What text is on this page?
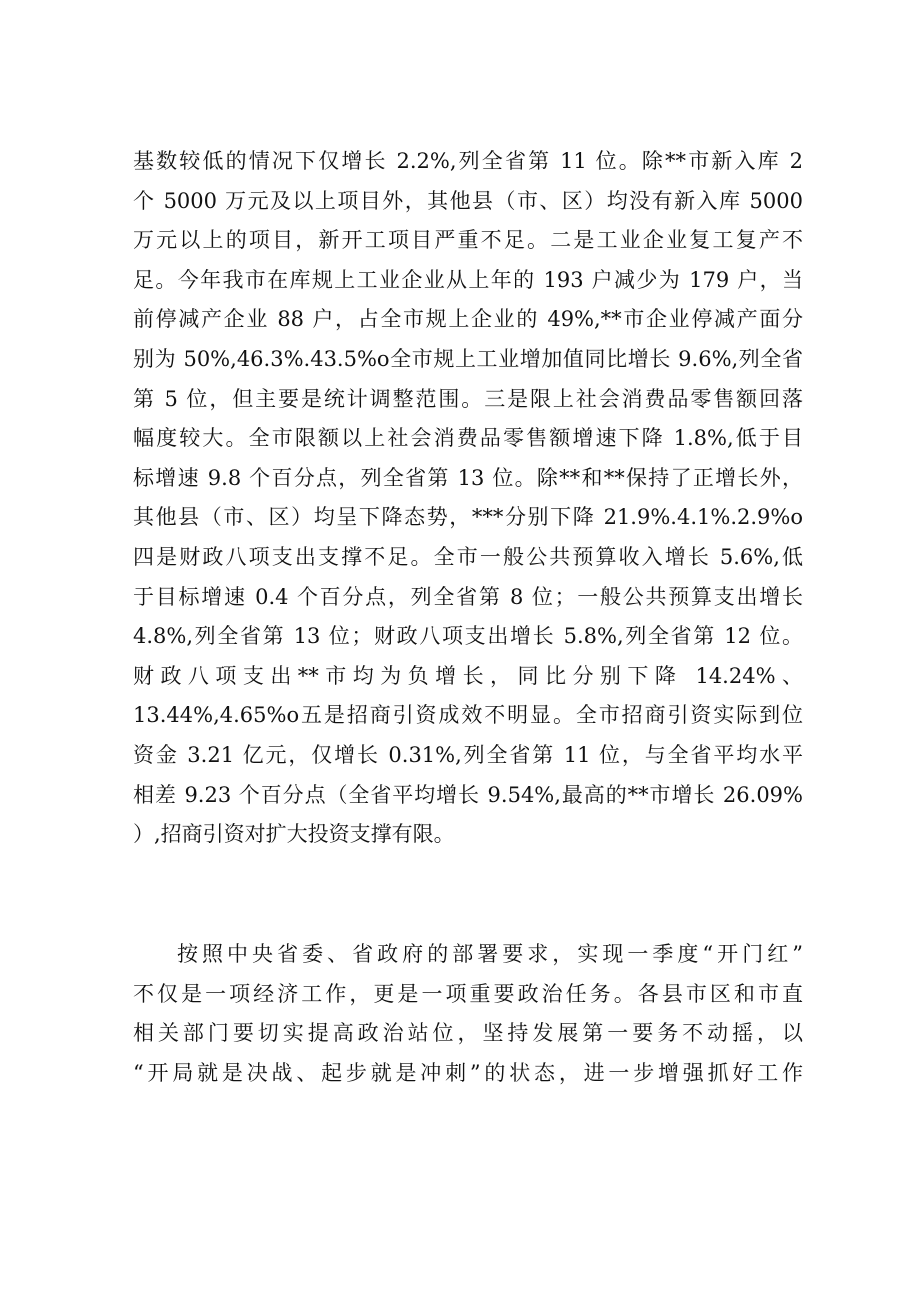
基数较低的情况下仅增长 2.2%,列全省第 11 位。除**市新入库 2
个 5000 万元及以上项目外，其他县（市、区）均没有新入库 5000
万元以上的项目，新开工项目严重不足。二是工业企业复工复产不
足。今年我市在库规上工业企业从上年的 193 户减少为 179 户，当
前停减产企业 88 户，占全市规上企业的 49%,**市企业停减产面分
别为 50%,46.3%.43.5%o全市规上工业增加值同比增长 9.6%,列全省
第 5 位，但主要是统计调整范围。三是限上社会消费品零售额回落
幅度较大。全市限额以上社会消费品零售额增速下降 1.8%,低于目
标增速 9.8 个百分点，列全省第 13 位。除**和**保持了正增长外，
其他县（市、区）均呈下降态势，***分别下降 21.9%.4.1%.2.9%o
四是财政八项支出支撑不足。全市一般公共预算收入增长 5.6%,低
于目标增速 0.4 个百分点，列全省第 8 位；一般公共预算支出增长
4.8%,列全省第 13 位；财政八项支出增长 5.8%,列全省第 12 位。
财政八项支出**市均为负增长，同比分别下降 14.24%、
13.44%,4.65%o五是招商引资成效不明显。全市招商引资实际到位
资金 3.21 亿元，仅增长 0.31%,列全省第 11 位，与全省平均水平
相差 9.23 个百分点（全省平均增长 9.54%,最高的**市增长 26.09%
）,招商引资对扩大投资支撑有限。
按照中央省委、省政府的部署要求，实现一季度“开门红”
不仅是一项经济工作，更是一项重要政治任务。各县市区和市直
相关部门要切实提高政治站位，坚持发展第一要务不动摇，以
“开局就是决战、起步就是冲刺”的状态，进一步增强抓好工作
